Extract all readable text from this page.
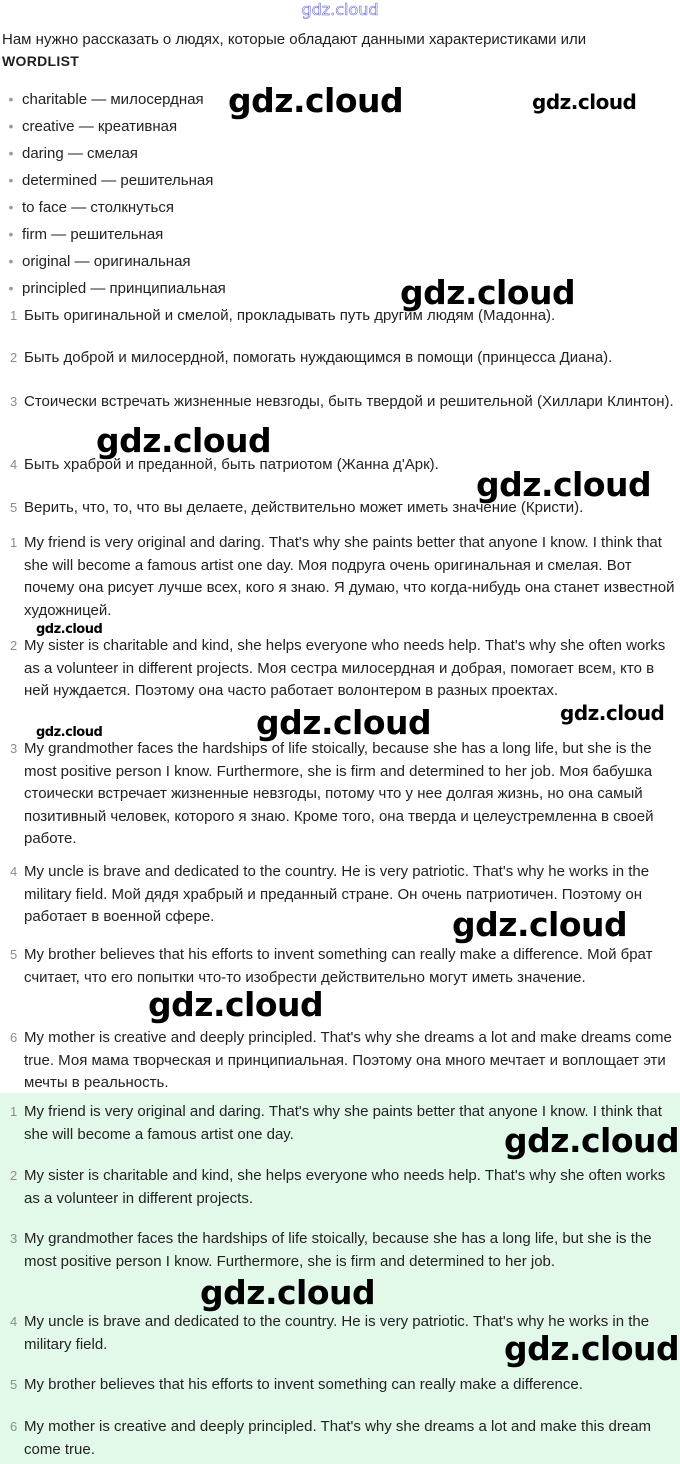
gdz.cloud
Нам нужно рассказать о людях, которые обладают данными характеристиками или
WORDLIST
• charitable — милосердная
• creative — креативная
• daring — смелая
• determined — решительная
• to face — столкнуться
• firm — решительная
• original — оригинальная
• principled — принципиальная
1 Быть оригинальной и смелой, прокладывать путь другим людям (Мадонна).

2 Быть доброй и милосердной, помогать нуждающимся в помощи (принцесса Диана).

3 Стоически встречать жизненные невзгоды, быть твердой и решительной (Хиллари Клинтон).

4 Быть храброй и преданной, быть патриотом (Жанна д'Арк).

5 Верить, что, то, что вы делаете, действительно может иметь значение (Кристи).

1 My friend is very original and daring. That's why she paints better that anyone I know. I think that she will become a famous artist one day. Моя подруга очень оригинальная и смелая. Вот почему она рисует лучше всех, кого я знаю. Я думаю, что когда-нибудь она станет известной художницей.

2 My sister is charitable and kind, she helps everyone who needs help. That's why she often works as a volunteer in different projects. Моя сестра милосердная и добрая, помогает всем, кто в ней нуждается. Поэтому она часто работает волонтером в разных проектах.

3 My grandmother faces the hardships of life stoically, because she has a long life, but she is the most positive person I know. Furthermore, she is firm and determined to her job. Моя бабушка стоически встречает жизненные невзгоды, потому что у нее долгая жизнь, но она самый позитивный человек, которого я знаю. Кроме того, она тверда и целеустремленна в своей работе.

4 My uncle is brave and dedicated to the country. He is very patriotic. That's why he works in the military field. Мой дядя храбрый и преданный стране. Он очень патриотичен. Поэтому он работает в военной сфере.

5 My brother believes that his efforts to invent something can really make a difference. Мой брат считает, что его попытки что-то изобрести действительно могут иметь значение.

6 My mother is creative and deeply principled. That's why she dreams a lot and make dreams come true. Моя мама творческая и принципиальная. Поэтому она много мечтает и воплощает эти мечты в реальность.

1 My friend is very original and daring. That's why she paints better that anyone I know. I think that she will become a famous artist one day.

2 My sister is charitable and kind, she helps everyone who needs help. That's why she often works as a volunteer in different projects.

3 My grandmother faces the hardships of life stoically, because she has a long life, but she is the most positive person I know. Furthermore, she is firm and determined to her job.

4 My uncle is brave and dedicated to the country. He is very patriotic. That's why he works in the military field.

5 My brother believes that his efforts to invent something can really make a difference.

6 My mother is creative and deeply principled. That's why she dreams a lot and make this dream come true.

gdz.cloud	gdz.cloud
gdz.cloud
gdz.cloud
gdz.cloud
gdz.cloud
gdz.cloud	gdz.cloud
gdz.cloud
gdz.cloud
gdz.cloud
gdz.cloud
gdz.cloud
gdz.cloud
